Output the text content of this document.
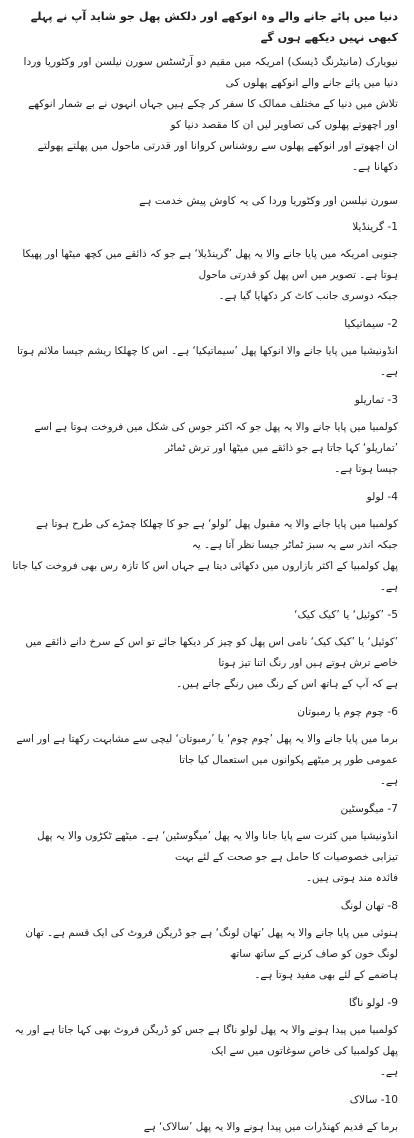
دنیا میں پائے جانے والے وہ انوکھے اور دلکش پھل جو شاید آپ نے پہلے کبھی نہیں دیکھے ہوں گے

نیویارک (مانیٹرنگ ڈیسک) امریکہ میں مقیم دو آرٹسٹس سورن نیلسن اور وکٹوریا وردا دنیا میں پائے جانے والے انوکھے پھلوں کی

تلاش میں دنیا کے مختلف ممالک کا سفر کر چکے ہیں جہاں انہوں نے بے شمار انوکھے اور اچھوتے پھلوں کی تصاویر لیں ان کا مقصد دنیا کو

ان اچھوتے اور انوکھے پھلوں سے روشناس کروانا اور قدرتی ماحول میں پھلتے پھولتے دکھانا ہے۔

سورن نیلسن اور وکٹوریا وردا کی یہ کاوش پیش خدمت ہے

1- گرینڈیلا

جنوبی امریکہ میں پایا جانے والا یہ پھل ’گرینڈیلا‘ ہے جو کہ ذائقے میں کچھ میٹھا اور پھیکا ہوتا ہے۔ تصویر میں اس پھل کو قدرتی ماحول

جبکہ دوسری جانب کاٹ کر دکھایا گیا ہے۔

2- سیماتیکیا

انڈونیشیا میں پایا جانے والا انوکھا پھل ’سیماتیکیا‘ ہے۔ اس کا چھلکا ریشم جیسا ملائم ہوتا ہے۔

3- تماریلو

کولمبیا میں پایا جانے والا یہ پھل جو کہ اکثر جوس کی شکل میں فروخت ہوتا ہے اسے ’تماریلو‘ کہا جاتا ہے جو ذائقے میں میٹھا اور ترش ٹماٹر

جیسا ہوتا ہے۔

4- لولو

کولمبیا میں پایا جانے والا یہ مقبول پھل ’لولو‘ ہے جو کا چھلکا چمڑے کی طرح ہوتا ہے جبکہ اندر سے یہ سبز ٹماٹر جیسا نظر آتا ہے۔ یہ

پھل کولمبیا کے اکثر بازاروں میں دکھائی دیتا ہے جہاں اس کا تازہ رس بھی فروخت کیا جاتا ہے۔

5- ’کوئیل‘ یا ’کیک کیک‘

’کوئیل‘ یا ’کیک کیک‘ نامی اس پھل کو چیز کر دیکھا جائے تو اس کے سرخ دانے ذائقے میں خاصے ترش ہوتے ہیں اور رنگ اتنا تیز ہوتا

ہے کہ آپ کے ہاتھ اس کے رنگ میں رنگے جاتے ہیں۔

6- چوم چوم یا رمبوتان

برما میں پایا جانے والا یہ پھل ’چوم چوم‘ یا ’رمبوتان‘ لیچی سے مشابہت رکھتا ہے اور اسے عمومی طور پر میٹھے پکوانوں میں استعمال کیا جاتا

ہے۔

7- میگوسٹین

انڈونیشیا میں کثرت سے پایا جانا والا یہ پھل ’میگوسٹین‘ ہے۔ میٹھے ٹکڑوں والا یہ پھل تیزابی خصوصیات کا حامل ہے جو صحت کے لئے بہت

فائدہ مند ہوتی ہیں۔

8- تھان لونگ

ہنوئی میں پایا جانے والا یہ پھل ’تھان لونگ‘ ہے جو ڈریگن فروٹ کی ایک قسم ہے۔ تھان لونگ خون کو صاف کرنے کے ساتھ ساتھ

ہاضمے کے لئے بھی مفید ہوتا ہے۔

9- لولو ناگا

کولمبیا میں پیدا ہونے والا یہ پھل لولو ناگا ہے جس کو ڈریگن فروٹ بھی کہا جاتا ہے اور یہ پھل کولمبیا کی خاص سوغاتوں میں سے ایک

ہے۔

10- سالاک

برما کے قدیم کھنڈرات میں پیدا ہونے والا یہ پھل ’سالاک‘ ہے
